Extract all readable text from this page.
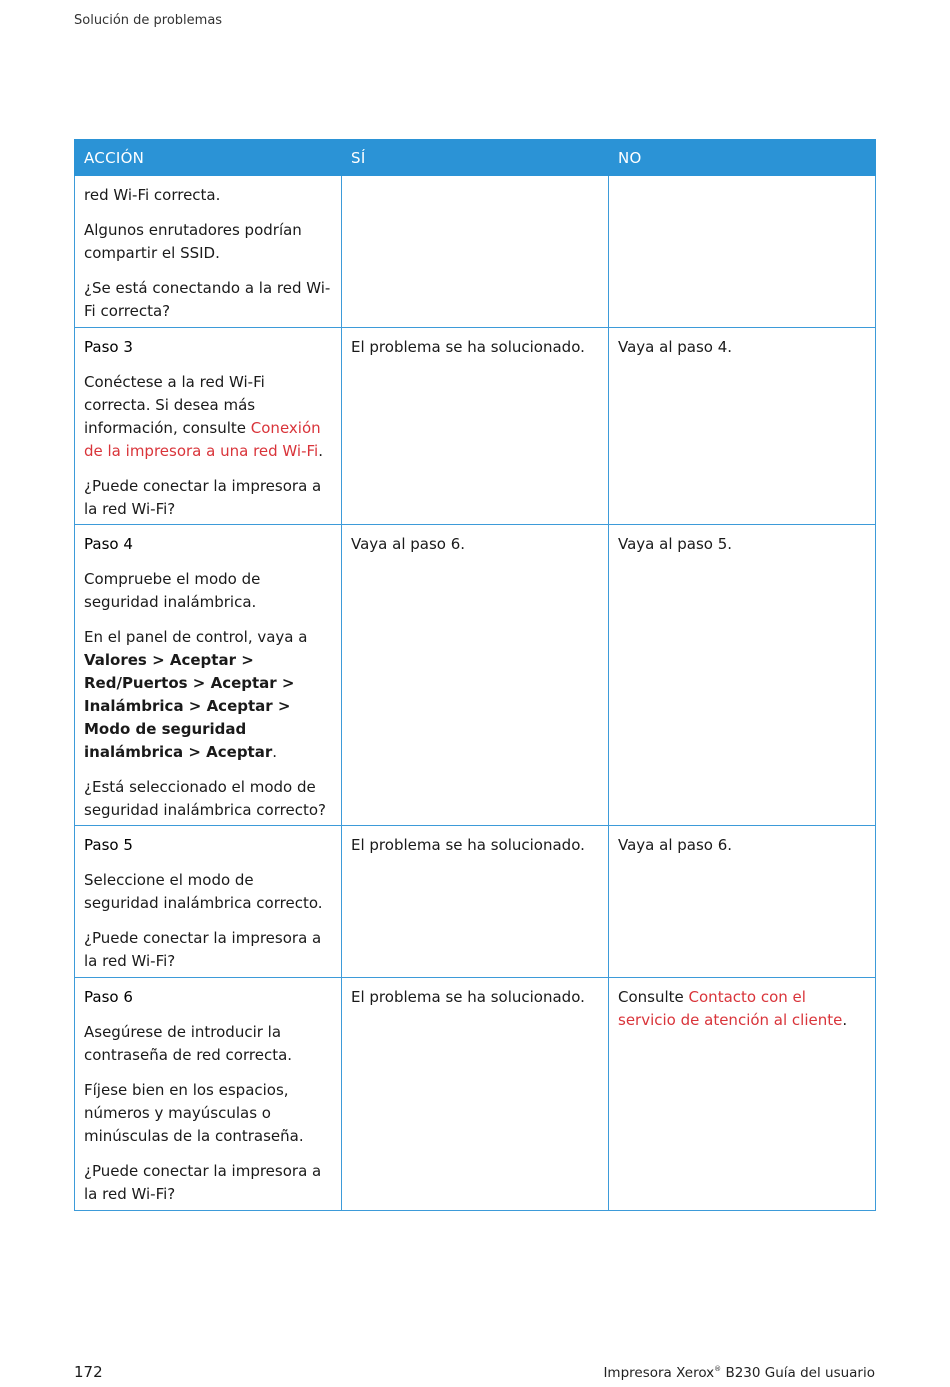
Solución de problemas
ACCIÓN	SÍ	NO

red Wi-Fi correcta.
Algunos enrutadores podrían compartir el SSID.
¿Se está conectando a la red Wi-Fi correcta?		

Paso 3
Conéctese a la red Wi-Fi correcta. Si desea más información, consulte Conexión de la impresora a una red Wi-Fi.
¿Puede conectar la impresora a la red Wi-Fi?	El problema se ha solucionado.	Vaya al paso 4.

Paso 4
Compruebe el modo de seguridad inalámbrica.
En el panel de control, vaya a Valores > Aceptar > Red/Puertos > Aceptar > Inalámbrica > Aceptar > Modo de seguridad inalámbrica > Aceptar.
¿Está seleccionado el modo de seguridad inalámbrica correcto?	Vaya al paso 6.	Vaya al paso 5.

Paso 5
Seleccione el modo de seguridad inalámbrica correcto.
¿Puede conectar la impresora a la red Wi-Fi?	El problema se ha solucionado.	Vaya al paso 6.

Paso 6
Asegúrese de introducir la contraseña de red correcta.
Fíjese bien en los espacios, números y mayúsculas o minúsculas de la contraseña.
¿Puede conectar la impresora a la red Wi-Fi?	El problema se ha solucionado.	Consulte Contacto con el servicio de atención al cliente.
172	Impresora Xerox® B230 Guía del usuario
